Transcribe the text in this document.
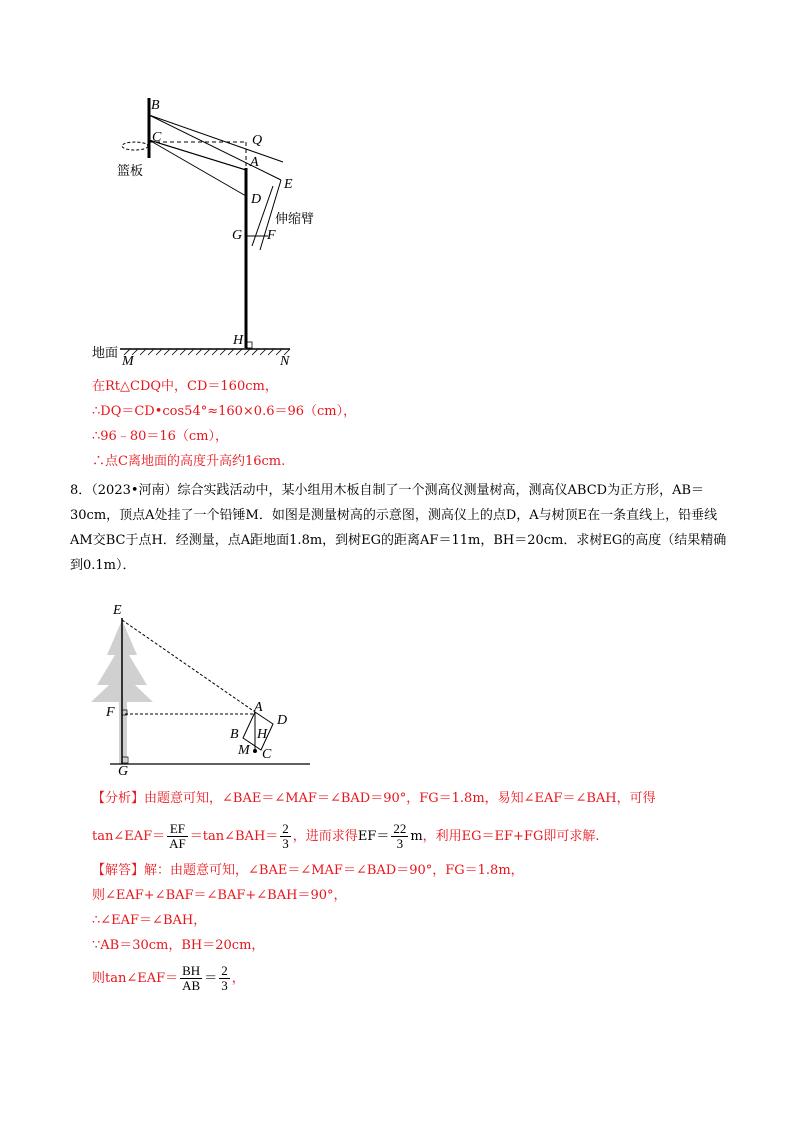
B
C	Q
A
D
E
G F
H
M	N
篮板
伸缩臂
地面
在Rt△CDQ中，CD＝160cm，
∴DQ＝CD•cos54°≈160×0.6＝96（cm），
∴96﹣80＝16（cm），
∴点C离地面的高度升高约16cm.
8．（2023•河南）综合实践活动中，某小组用木板自制了一个测高仪测量树高，测高仪ABCD为正方形，AB＝30cm，顶点A处挂了一个铅锤M．如图是测量树高的示意图，测高仪上的点D，A与树顶E在一条直线上，铅垂线AM交BC于点H．经测量，点A距地面1.8m，到树EG的距离AF＝11m，BH＝20cm．求树EG的高度（结果精确到0.1m）．
E
F
G
A
D
B H
M C
【分析】由题意可知，∠BAE＝∠MAF＝∠BAD＝90°，FG＝1.8m，易知∠EAF＝∠BAH，可得
tan∠EAF＝ $\frac{EF}{AF}$ ＝tan∠BAH＝ $\frac{2}{3}$ ，进而求得$EF= \frac{22}{3}$ m，利用EG＝EF+FG即可求解.
【解答】解：由题意可知，∠BAE＝∠MAF＝∠BAD＝90°，FG＝1.8m，
则∠EAF+∠BAF＝∠BAF+∠BAH＝90°，
∴∠EAF＝∠BAH，
∵AB＝30cm，BH＝20cm，
则tan∠EAF＝ $\frac{BH}{AB} = \frac{2}{3}$ ，
